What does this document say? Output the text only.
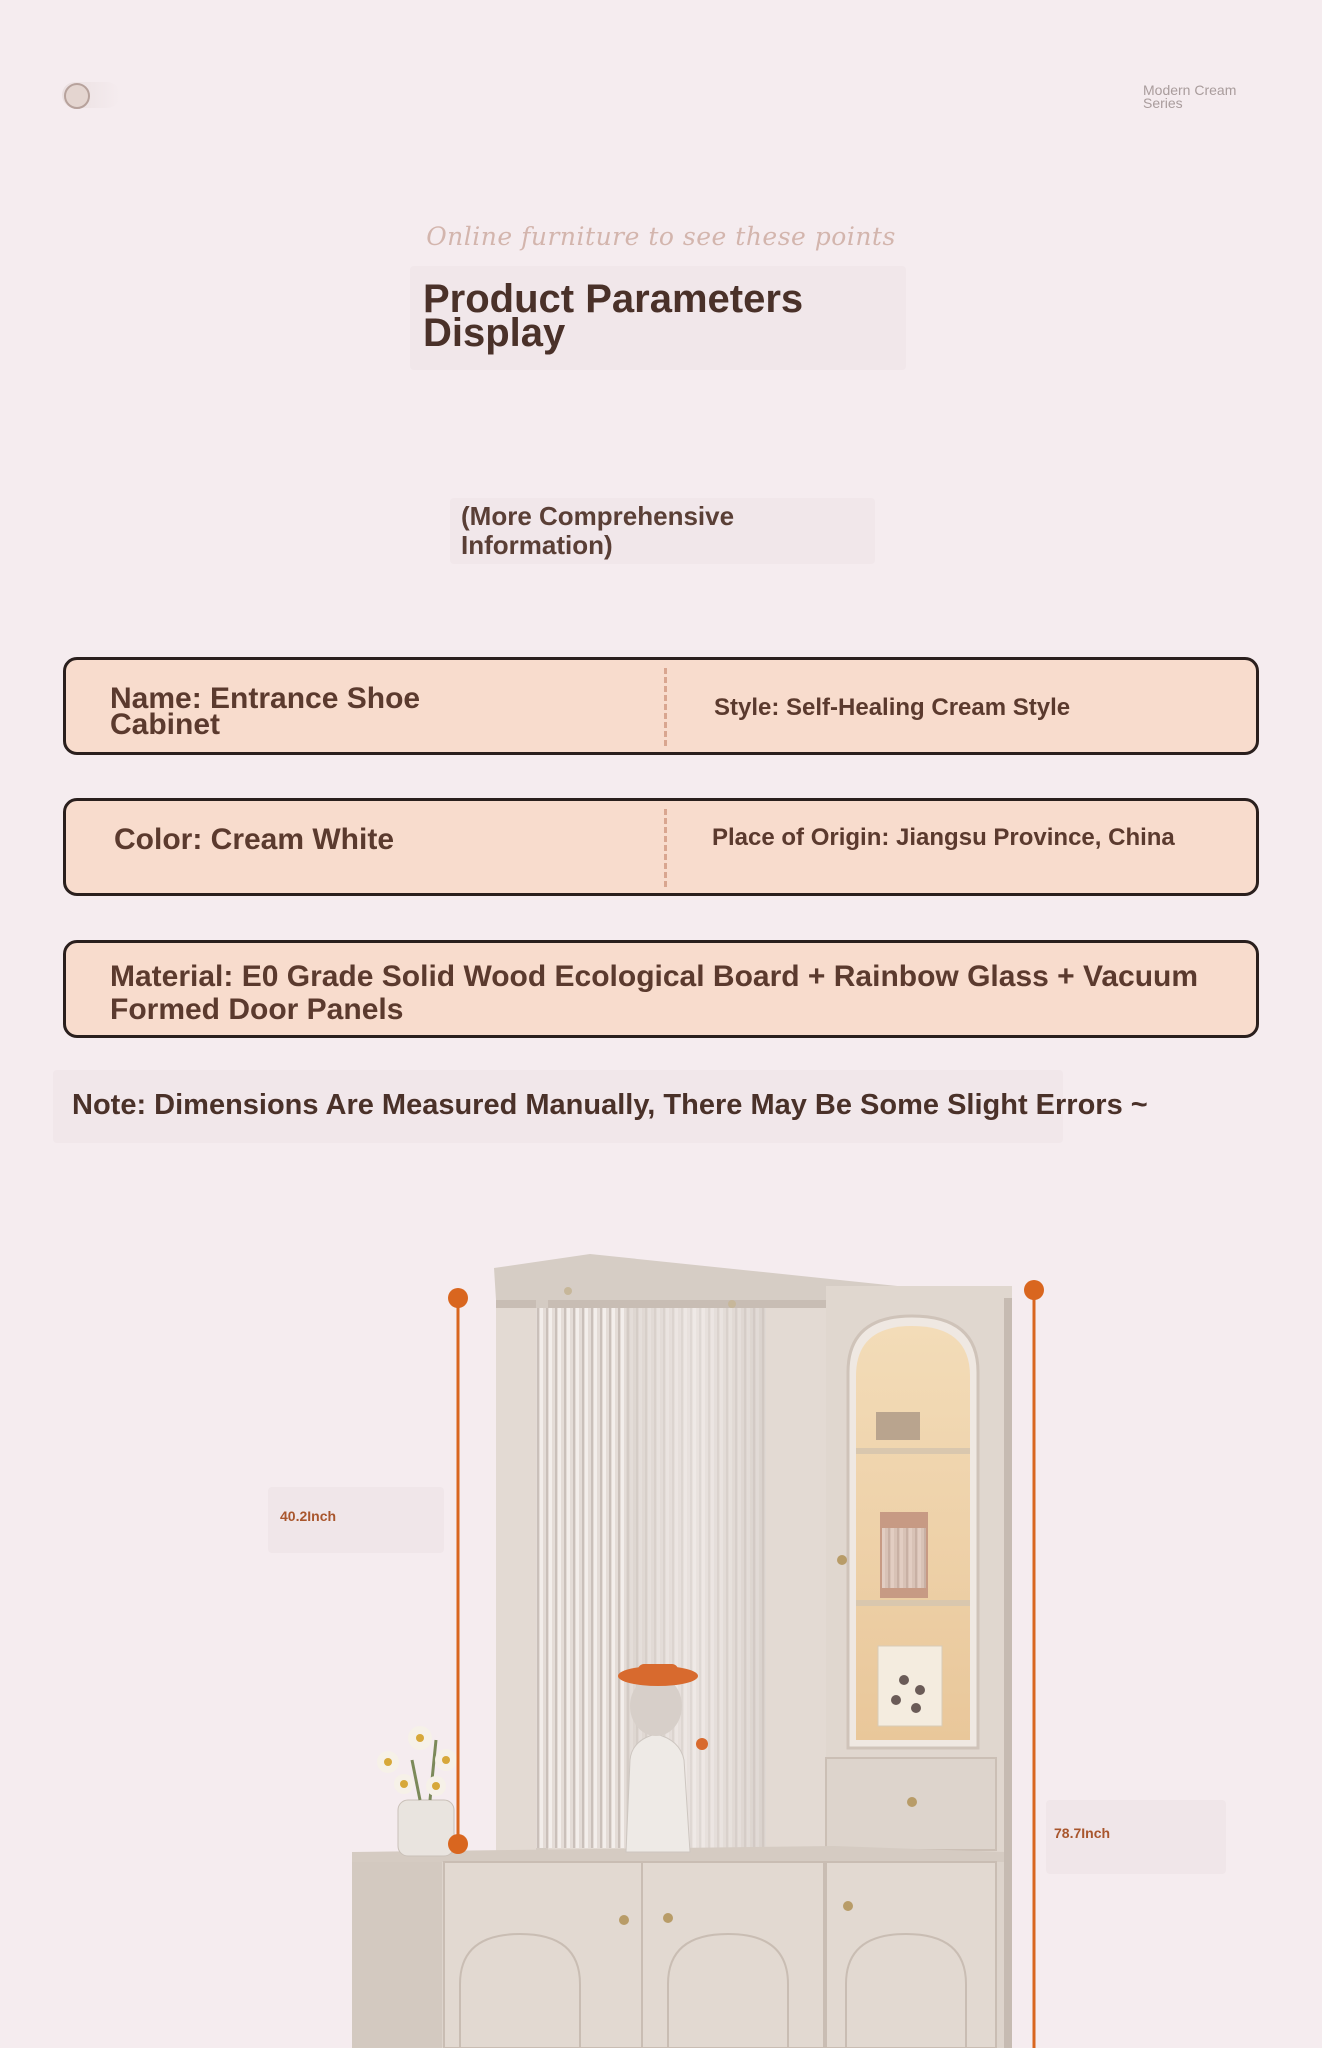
Modern Cream Series
Online furniture to see these points
Product Parameters Display
(More Comprehensive Information)
Name: Entrance Shoe Cabinet
Style: Self-Healing Cream Style
Color: Cream White	Place of Origin: Jiangsu Province, China
Material: E0 Grade Solid Wood Ecological Board + Rainbow Glass + Vacuum Formed Door Panels
Note: Dimensions Are Measured Manually, There May Be Some Slight Errors ~
40.2Inch
78.7Inch
